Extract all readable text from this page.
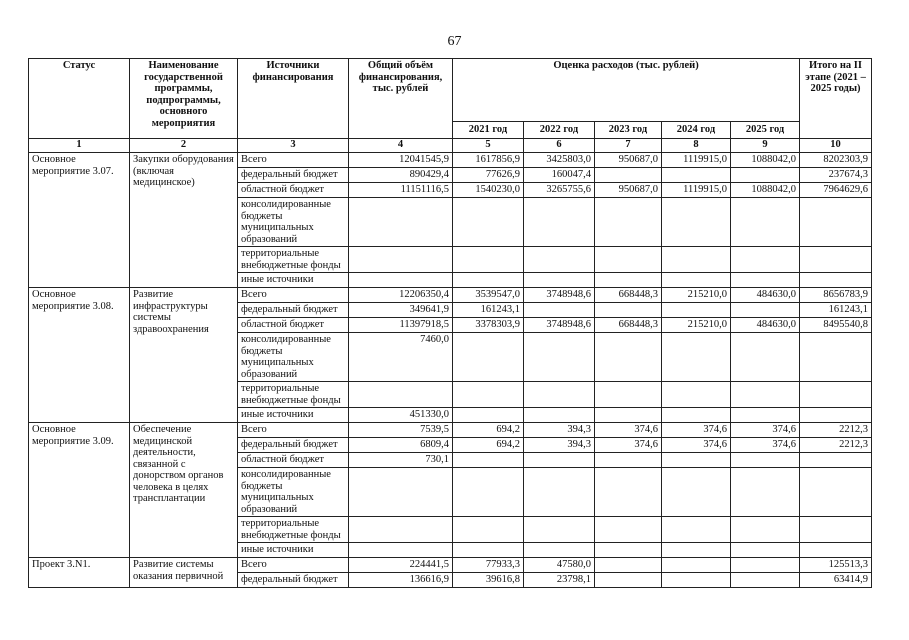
67
Статус	Наименование государственной программы, подпрограммы, основного мероприятия	Источники финансирования	Общий объём финансирования, тыс. рублей	Оценка расходов (тыс. рублей)					Итого на II этапе (2021 – 2025 годы)
				2021 год	2022 год	2023 год	2024 год	2025 год	
1	2	3	4	5	6	7	8	9	10
Основное мероприятие 3.07.	Закупки оборудования (включая медицинское)	Всего	12041545,9	1617856,9	3425803,0	950687,0	1119915,0	1088042,0	8202303,9
		федеральный бюджет	890429,4	77626,9	160047,4				237674,3
		областной бюджет	11151116,5	1540230,0	3265755,6	950687,0	1119915,0	1088042,0	7964629,6
		консолидированные бюджеты муниципальных образований							
		территориальные внебюджетные фонды							
		иные источники							
Основное мероприятие 3.08.	Развитие инфраструктуры системы здравоохранения	Всего	12206350,4	3539547,0	3748948,6	668448,3	215210,0	484630,0	8656783,9
		федеральный бюджет	349641,9	161243,1					161243,1
		областной бюджет	11397918,5	3378303,9	3748948,6	668448,3	215210,0	484630,0	8495540,8
		консолидированные бюджеты муниципальных образований	7460,0						
		территориальные внебюджетные фонды							
		иные источники	451330,0						
Основное мероприятие 3.09.	Обеспечение медицинской деятельности, связанной с донорством органов человека в целях трансплантации	Всего	7539,5	694,2	394,3	374,6	374,6	374,6	2212,3
		федеральный бюджет	6809,4	694,2	394,3	374,6	374,6	374,6	2212,3
		областной бюджет	730,1						
		консолидированные бюджеты муниципальных образований							
		территориальные внебюджетные фонды							
		иные источники							
Проект 3.N1.	Развитие системы оказания первичной	Всего	224441,5	77933,3	47580,0				125513,3
		федеральный бюджет	136616,9	39616,8	23798,1				63414,9
